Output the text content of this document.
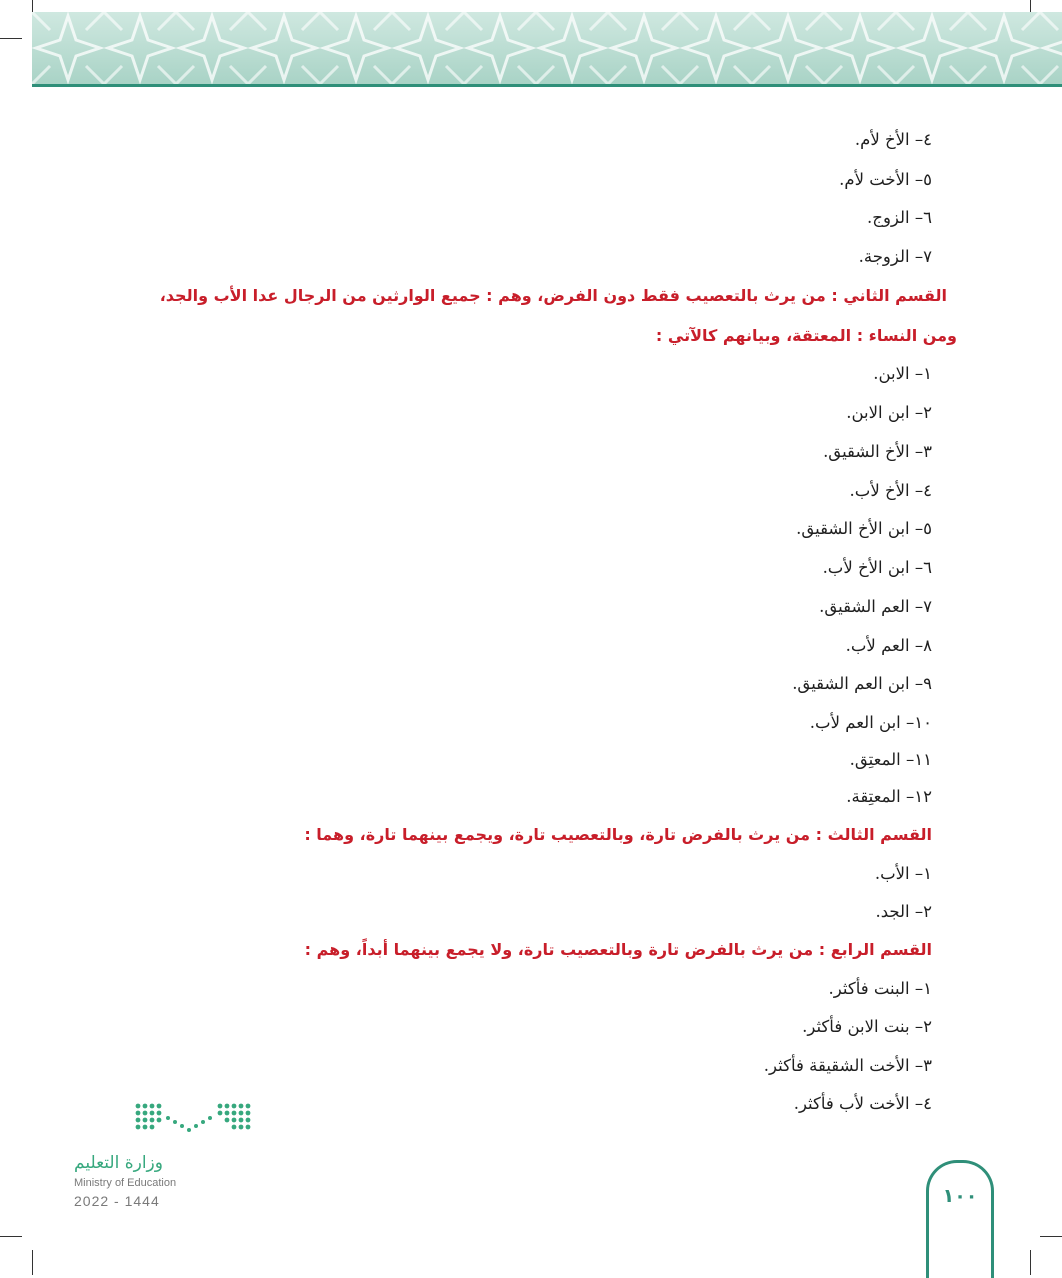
٤– الأخ لأم.
٥– الأخت لأم.
٦– الزوج.
٧– الزوجة.
القسم الثاني : من يرث بالتعصيب فقط دون الفرض، وهم : جميع الوارثين من الرجال عدا الأب والجد،
ومن النساء : المعتقة، وبيانهم كالآتي :
١– الابن.
٢– ابن الابن.
٣– الأخ الشقيق.
٤– الأخ لأب.
٥– ابن الأخ الشقيق.
٦– ابن الأخ لأب.
٧– العم الشقيق.
٨– العم لأب.
٩– ابن العم الشقيق.
١٠– ابن العم لأب.
١١– المعتِق.
١٢– المعتِقة.
القسم الثالث : من يرث بالفرض تارة، وبالتعصيب تارة، ويجمع بينهما تارة، وهما :
١– الأب.
٢– الجد.
القسم الرابع : من يرث بالفرض تارة وبالتعصيب تارة، ولا يجمع بينهما أبداً، وهم :
١– البنت فأكثر.
٢– بنت الابن فأكثر.
٣– الأخت الشقيقة فأكثر.
٤– الأخت لأب فأكثر.
وزارة التعليم
Ministry of Education
2022 - 1444	١٠٠
